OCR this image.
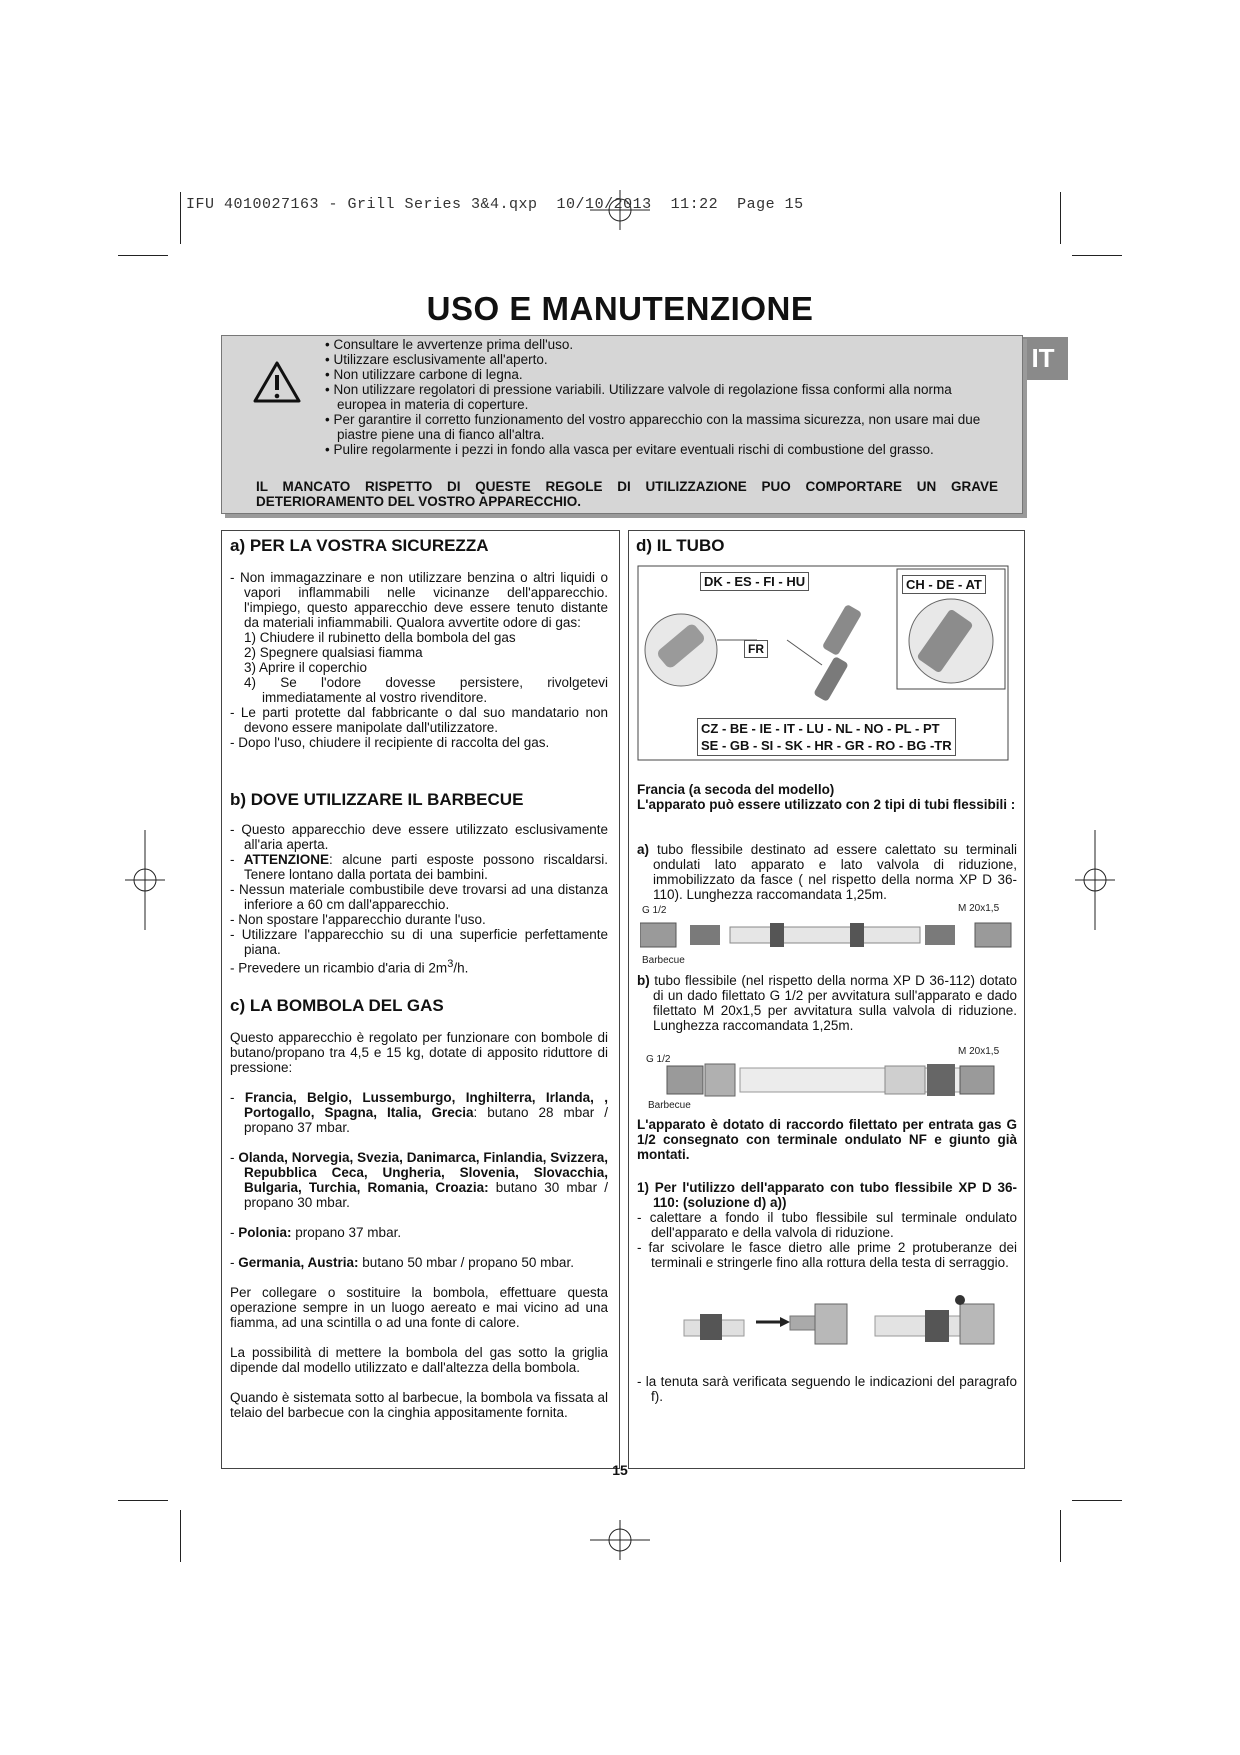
IFU 4010027163 - Grill Series 3&4.qxp  10/10/2013  11:22  Page 15
USO E MANUTENZIONE
IT
• Consultare le avvertenze prima dell'uso.
• Utilizzare esclusivamente all'aperto.
• Non utilizzare carbone di legna.
• Non utilizzare regolatori di pressione variabili. Utilizzare valvole di regolazione fissa conformi alla norma europea in materia di coperture.
• Per garantire il corretto funzionamento del vostro apparecchio con la massima sicurezza, non usare mai due piastre piene una di fianco all'altra.
• Pulire regolarmente i pezzi in fondo alla vasca per evitare eventuali rischi di combustione del grasso.
IL MANCATO RISPETTO DI QUESTE REGOLE DI UTILIZZAZIONE PUO COMPORTARE UN GRAVE DETERIORAMENTO DEL VOSTRO APPARECCHIO.
a) PER LA VOSTRA SICUREZZA

- Non immagazzinare e non utilizzare benzina o altri liquidi o vapori inflammabili nelle vicinanze dell'apparecchio. l'impiego, questo apparecchio deve essere tenuto distante da materiali infiammabili. Qualora avvertite odore di gas:

1) Chiudere il rubinetto della bombola del gas

2) Spegnere qualsiasi fiamma

3) Aprire il coperchio

4) Se l'odore dovesse persistere, rivolgetevi immediatamente al vostro rivenditore.

- Le parti protette dal fabbricante o dal suo mandatario non devono essere manipolate dall'utilizzatore.

- Dopo l'uso, chiudere il recipiente di raccolta del gas.

b) DOVE UTILIZZARE IL BARBECUE

- Questo apparecchio deve essere utilizzato esclusivamente all'aria aperta.

- ATTENZIONE: alcune parti esposte possono riscaldarsi. Tenere lontano dalla portata dei bambini.

- Nessun materiale combustibile deve trovarsi ad una distanza inferiore a 60 cm dall'apparecchio.

- Non spostare l'apparecchio durante l'uso.

- Utilizzare l'apparecchio su di una superficie perfettamente piana.

- Prevedere un ricambio d'aria di $2m^3/h$.

c) LA BOMBOLA DEL GAS

Questo apparecchio è regolato per funzionare con bombole di butano/propano tra 4,5 e 15 kg, dotate di apposito riduttore di pressione:

- Francia, Belgio, Lussemburgo, Inghilterra, Irlanda, , Portogallo, Spagna, Italia, Grecia: butano 28 mbar / propano 37 mbar.

- Olanda, Norvegia, Svezia, Danimarca, Finlandia, Svizzera, Repubblica Ceca, Ungheria, Slovenia, Slovacchia, Bulgaria, Turchia, Romania, Croazia: butano 30 mbar / propano 30 mbar.

- Polonia: propano 37 mbar.

- Germania, Austria: butano 50 mbar / propano 50 mbar.

Per collegare o sostituire la bombola, effettuare questa operazione sempre in un luogo aereato e mai vicino ad una fiamma, ad una scintilla o ad una fonte di calore.

La possibilità di mettere la bombola del gas sotto la griglia dipende dal modello utilizzato e dall'altezza della bombola.

Quando è sistemata sotto al barbecue, la bombola va fissata al telaio del barbecue con la cinghia appositamente fornita.

d) IL TUBO
DK - ES - FI - HU	CH - DE - AT
FR
CZ - BE - IE - IT - LU - NL - NO - PL - PT
SE - GB - SI - SK - HR - GR - RO - BG -TR

Francia (a secoda del modello)

L'apparato può essere utilizzato con 2 tipi di tubi flessibili :

a) tubo flessibile destinato ad essere calettato su terminali ondulati lato apparato e lato valvola di riduzione, immobilizzato da fasce ( nel rispetto della norma XP D 36-110). Lunghezza raccomandata 1,25m.

G 1/2	M 20x1,5
Barbecue

b) tubo flessibile (nel rispetto della norma XP D 36-112) dotato di un dado filettato G 1/2 per avvitatura sull'apparato e dado filettato M 20x1,5 per avvitatura sulla valvola di riduzione. Lunghezza raccomandata 1,25m.

M 20x1,5
G 1/2
Barbecue

L'apparato è dotato di raccordo filettato per entrata gas G 1/2 consegnato con terminale ondulato NF e giunto già montati.

1) Per l'utilizzo dell'apparato con tubo flessibile XP D 36-110: (soluzione d) a))

- calettare a fondo il tubo flessibile sul terminale ondulato dell'apparato e della valvola di riduzione.

- far scivolare le fasce dietro alle prime 2 protuberanze dei terminali e stringerle fino alla rottura della testa di serraggio.

- la tenuta sarà verificata seguendo le indicazioni del paragrafo f).

15
